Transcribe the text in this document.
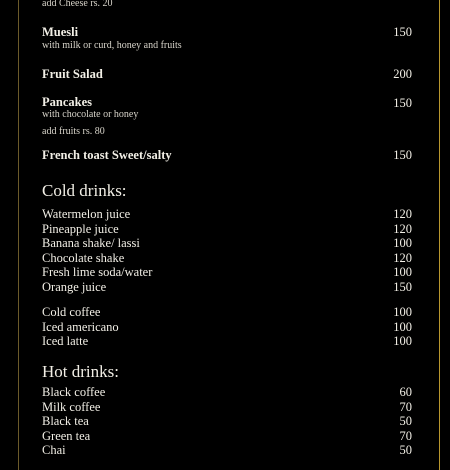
add Cheese rs. 20
Muesli	150
with milk or curd, honey and fruits
Fruit Salad	200
Pancakes	150
with chocolate or honey
add fruits rs. 80
French toast Sweet/salty	150
Cold drinks:
Watermelon juice	120
Pineapple juice	120
Banana shake/ lassi	100
Chocolate shake	120
Fresh lime soda/water	100
Orange juice	150
Cold coffee	100
Iced americano	100
Iced latte	100
Hot drinks:
Black coffee	60
Milk coffee	70
Black tea	50
Green tea	70
Chai	50
